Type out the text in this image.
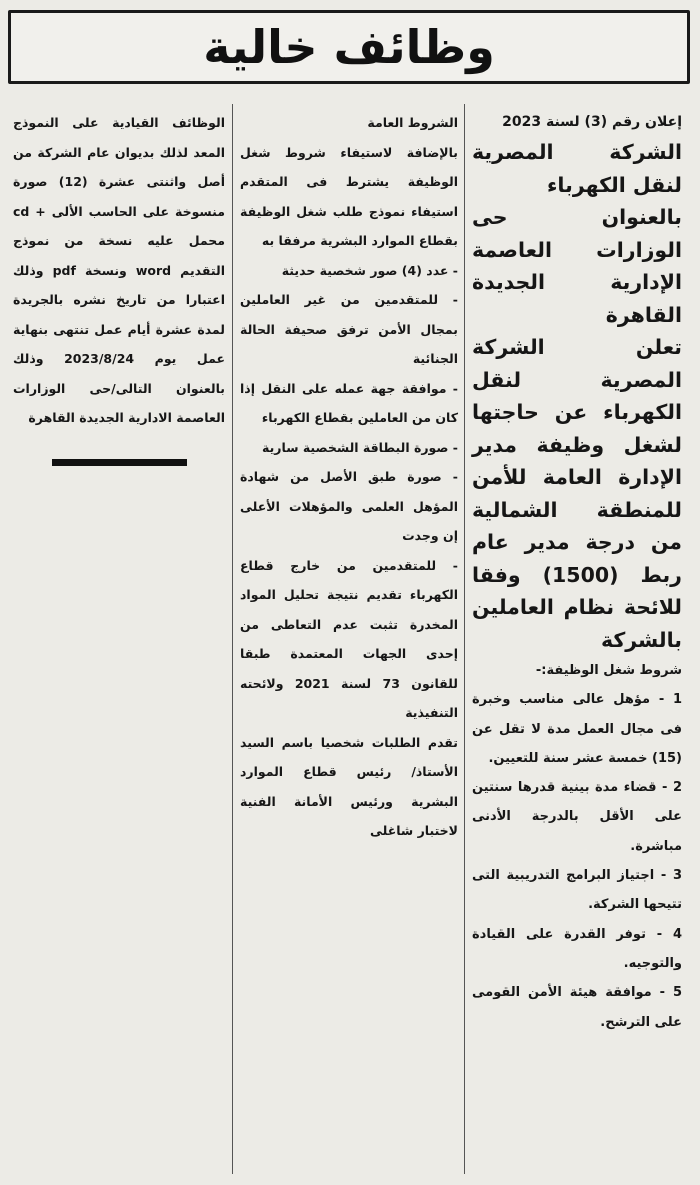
وظائف خالية

إعلان رقم (3) لسنة 2023

الشركة المصرية لنقل الكهرباء

بالعنوان حى الوزارات العاصمة الإدارية الجديدة القاهرة

تعلن الشركة المصرية لنقل الكهرباء عن حاجتها لشغل وظيفة مدير الإدارة العامة للأمن للمنطقة الشمالية من درجة مدير عام ربط (1500) وفقا للائحة نظام العاملين بالشركة

شروط شغل الوظيفة:-

1 - مؤهل عالى مناسب وخبرة فى مجال العمل مدة لا تقل عن (15) خمسة عشر سنة للتعيين.

2 - قضاء مدة بينية قدرها سنتين على الأقل بالدرجة الأدنى مباشرة.

3 - اجتياز البرامج التدريبية التى تتيحها الشركة.

4 - توفر القدرة على القيادة والتوجيه.

5 - موافقة هيئة الأمن القومى على الترشح.

الشروط العامة

بالإضافة لاستيفاء شروط شغل الوظيفة يشترط فى المتقدم استيفاء نموذج طلب شغل الوظيفة بقطاع الموارد البشرية مرفقا به

- عدد (4) صور شخصية حديثة

- للمتقدمين من غير العاملين بمجال الأمن ترفق صحيفة الحالة الجنائية

- موافقة جهة عمله على النقل إذا كان من العاملين بقطاع الكهرباء

- صورة البطاقة الشخصية سارية

- صورة طبق الأصل من شهادة المؤهل العلمى والمؤهلات الأعلى إن وجدت

- للمتقدمين من خارج قطاع الكهرباء تقديم نتيجة تحليل المواد المخدرة تثبت عدم التعاطى من إحدى الجهات المعتمدة طبقا للقانون 73 لسنة 2021 ولائحته التنفيذية

تقدم الطلبات شخصيا باسم السيد الأستاذ/ رئيس قطاع الموارد البشرية ورئيس الأمانة الفنية لاختبار شاغلى

الوظائف القيادية على النموذج المعد لذلك بديوان عام الشركة من أصل واثنتى عشرة (12) صورة منسوخة على الحاسب الألى + cd محمل عليه نسخة من نموذج التقديم word ونسخة pdf وذلك اعتبارا من تاريخ نشره بالجريدة لمدة عشرة أيام عمل تنتهى بنهاية عمل يوم 2023/8/24 وذلك بالعنوان التالى/حى الوزارات العاصمة الادارية الجديدة القاهرة
